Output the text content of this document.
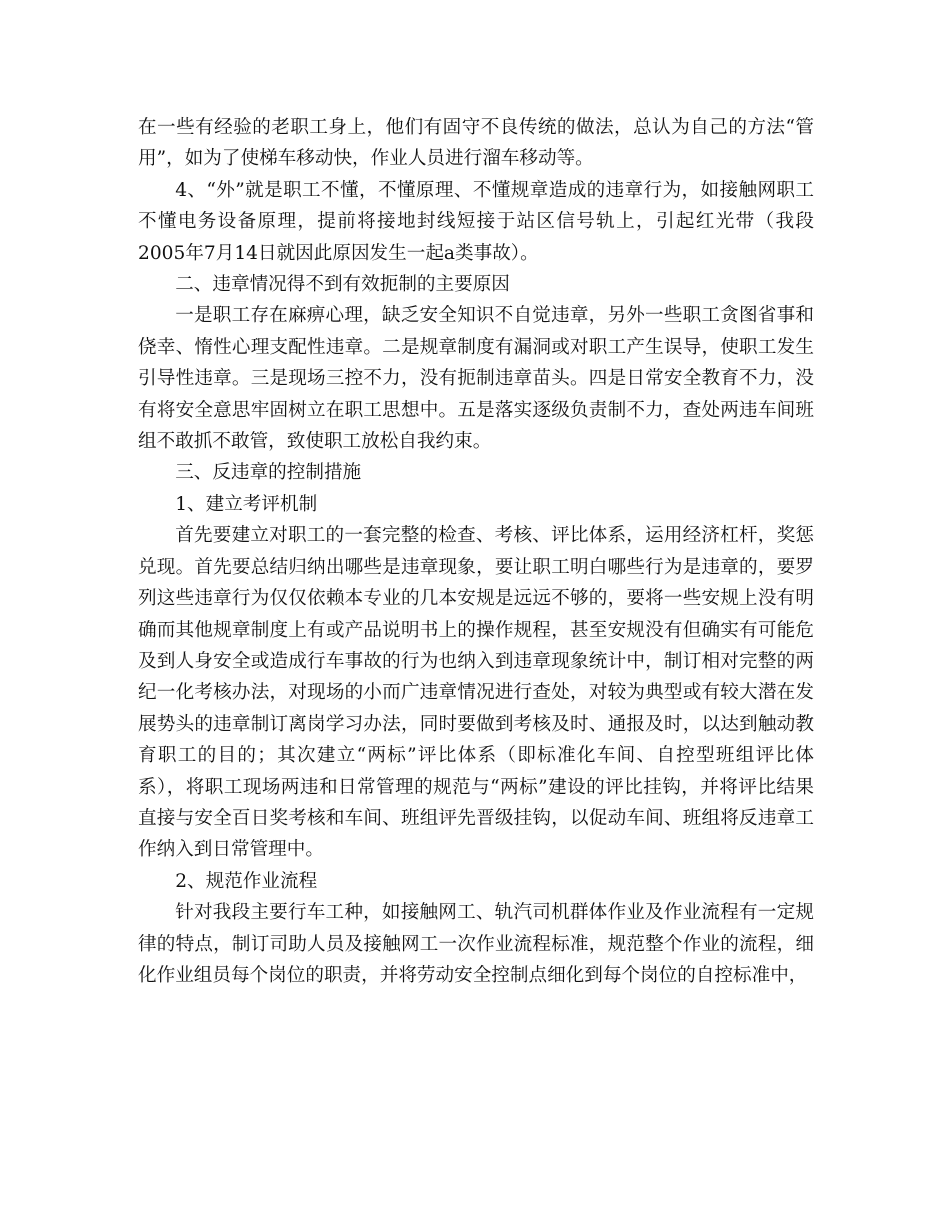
在一些有经验的老职工身上，他们有固守不良传统的做法，总认为自己的方法“管用”，如为了使梯车移动快，作业人员进行溜车移动等。

4、“外”就是职工不懂，不懂原理、不懂规章造成的违章行为，如接触网职工不懂电务设备原理，提前将接地封线短接于站区信号轨上，引起红光带（我段2005年7月14日就因此原因发生一起a类事故）。

二、违章情况得不到有效扼制的主要原因

一是职工存在麻痹心理，缺乏安全知识不自觉违章，另外一些职工贪图省事和侥幸、惰性心理支配性违章。二是规章制度有漏洞或对职工产生误导，使职工发生引导性违章。三是现场三控不力，没有扼制违章苗头。四是日常安全教育不力，没有将安全意思牢固树立在职工思想中。五是落实逐级负责制不力，查处两违车间班组不敢抓不敢管，致使职工放松自我约束。

三、反违章的控制措施

1、建立考评机制

首先要建立对职工的一套完整的检查、考核、评比体系，运用经济杠杆，奖惩兑现。首先要总结归纳出哪些是违章现象，要让职工明白哪些行为是违章的，要罗列这些违章行为仅仅依赖本专业的几本安规是远远不够的，要将一些安规上没有明确而其他规章制度上有或产品说明书上的操作规程，甚至安规没有但确实有可能危及到人身安全或造成行车事故的行为也纳入到违章现象统计中，制订相对完整的两纪一化考核办法，对现场的小而广违章情况进行查处，对较为典型或有较大潜在发展势头的违章制订离岗学习办法，同时要做到考核及时、通报及时，以达到触动教育职工的目的；其次建立“两标”评比体系（即标准化车间、自控型班组评比体系），将职工现场两违和日常管理的规范与“两标”建设的评比挂钩，并将评比结果直接与安全百日奖考核和车间、班组评先晋级挂钩，以促动车间、班组将反违章工作纳入到日常管理中。

2、规范作业流程

针对我段主要行车工种，如接触网工、轨汽司机群体作业及作业流程有一定规律的特点，制订司助人员及接触网工一次作业流程标准，规范整个作业的流程，细化作业组员每个岗位的职责，并将劳动安全控制点细化到每个岗位的自控标准中，
